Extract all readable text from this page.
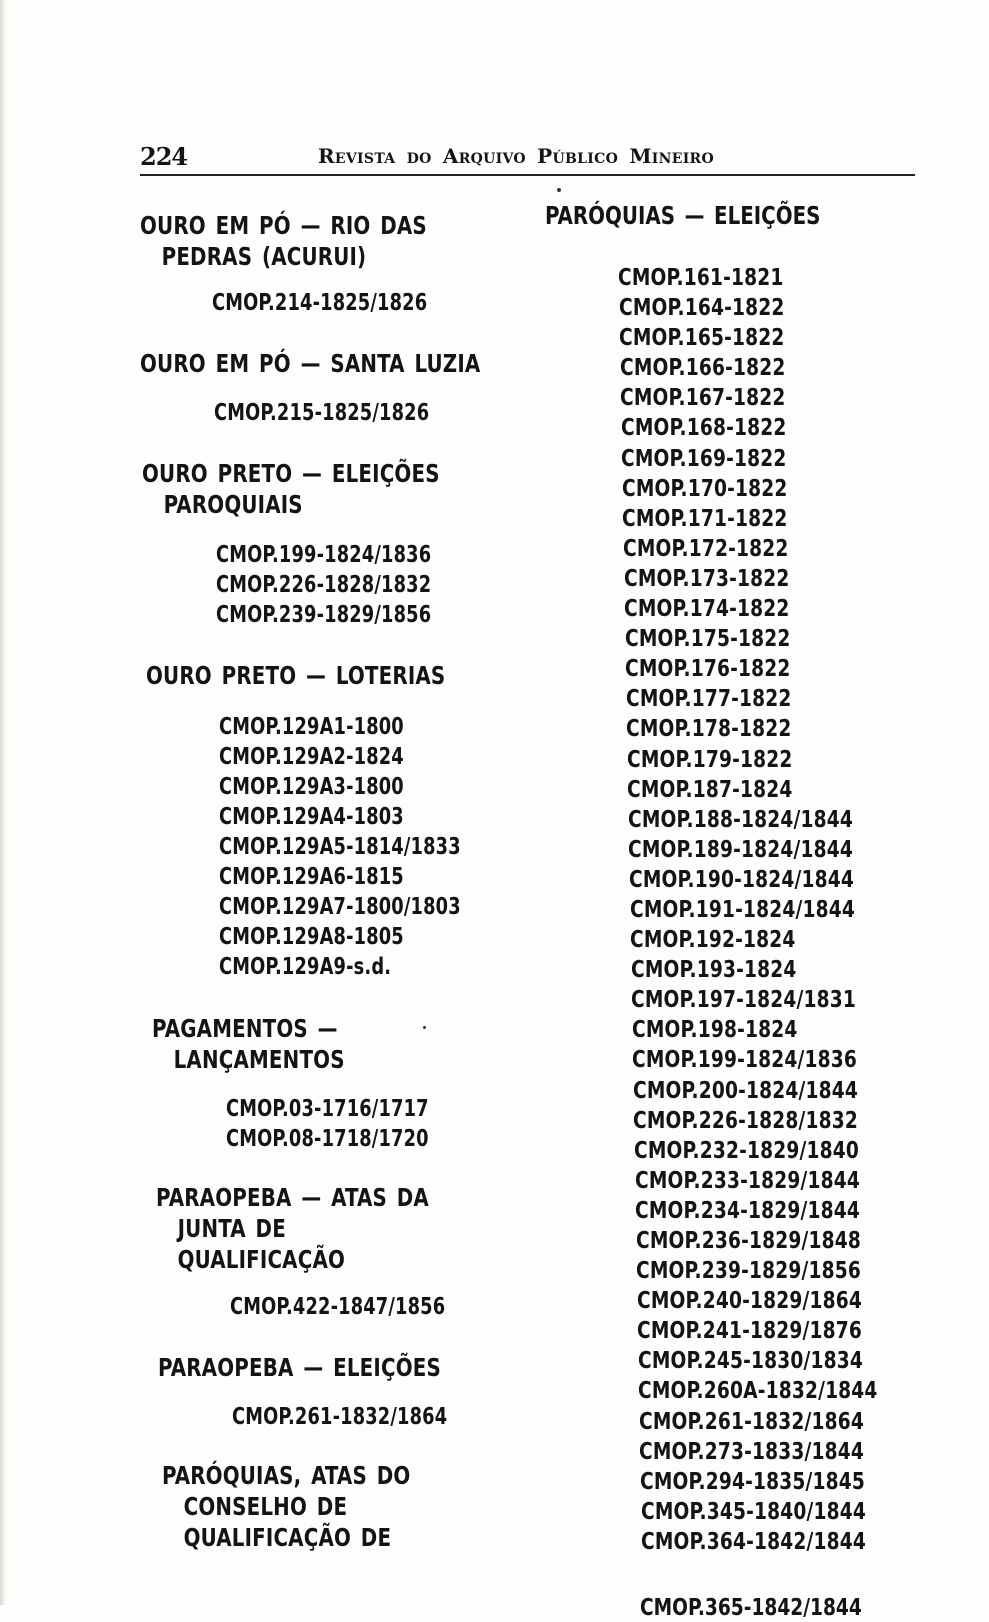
224	Revista do Arquivo Público Mineiro
OURO EM PÓ — RIO DAS
PEDRAS (ACURUI)
CMOP.214-1825/1826
OURO EM PÓ — SANTA LUZIA
CMOP.215-1825/1826
OURO PRETO — ELEIÇÕES
PAROQUIAIS
CMOP.199-1824/1836
CMOP.226-1828/1832
CMOP.239-1829/1856
OURO PRETO — LOTERIAS
CMOP.129A1-1800
CMOP.129A2-1824
CMOP.129A3-1800
CMOP.129A4-1803
CMOP.129A5-1814/1833
CMOP.129A6-1815
CMOP.129A7-1800/1803
CMOP.129A8-1805
CMOP.129A9-s.d.
PAGAMENTOS —
LANÇAMENTOS
CMOP.03-1716/1717
CMOP.08-1718/1720
PARAOPEBA — ATAS DA
JUNTA DE
QUALIFICAÇÃO
CMOP.422-1847/1856
PARAOPEBA — ELEIÇÕES
CMOP.261-1832/1864
PARÓQUIAS, ATAS DO
CONSELHO DE
QUALIFICAÇÃO DE
PARÓQUIAS — ELEIÇÕES
CMOP.161-1821
CMOP.164-1822
CMOP.165-1822
CMOP.166-1822
CMOP.167-1822
CMOP.168-1822
CMOP.169-1822
CMOP.170-1822
CMOP.171-1822
CMOP.172-1822
CMOP.173-1822
CMOP.174-1822
CMOP.175-1822
CMOP.176-1822
CMOP.177-1822
CMOP.178-1822
CMOP.179-1822
CMOP.187-1824
CMOP.188-1824/1844
CMOP.189-1824/1844
CMOP.190-1824/1844
CMOP.191-1824/1844
CMOP.192-1824
CMOP.193-1824
CMOP.197-1824/1831
CMOP.198-1824
CMOP.199-1824/1836
CMOP.200-1824/1844
CMOP.226-1828/1832
CMOP.232-1829/1840
CMOP.233-1829/1844
CMOP.234-1829/1844
CMOP.236-1829/1848
CMOP.239-1829/1856
CMOP.240-1829/1864
CMOP.241-1829/1876
CMOP.245-1830/1834
CMOP.260A-1832/1844
CMOP.261-1832/1864
CMOP.273-1833/1844
CMOP.294-1835/1845
CMOP.345-1840/1844
CMOP.364-1842/1844
CMOP.365-1842/1844
